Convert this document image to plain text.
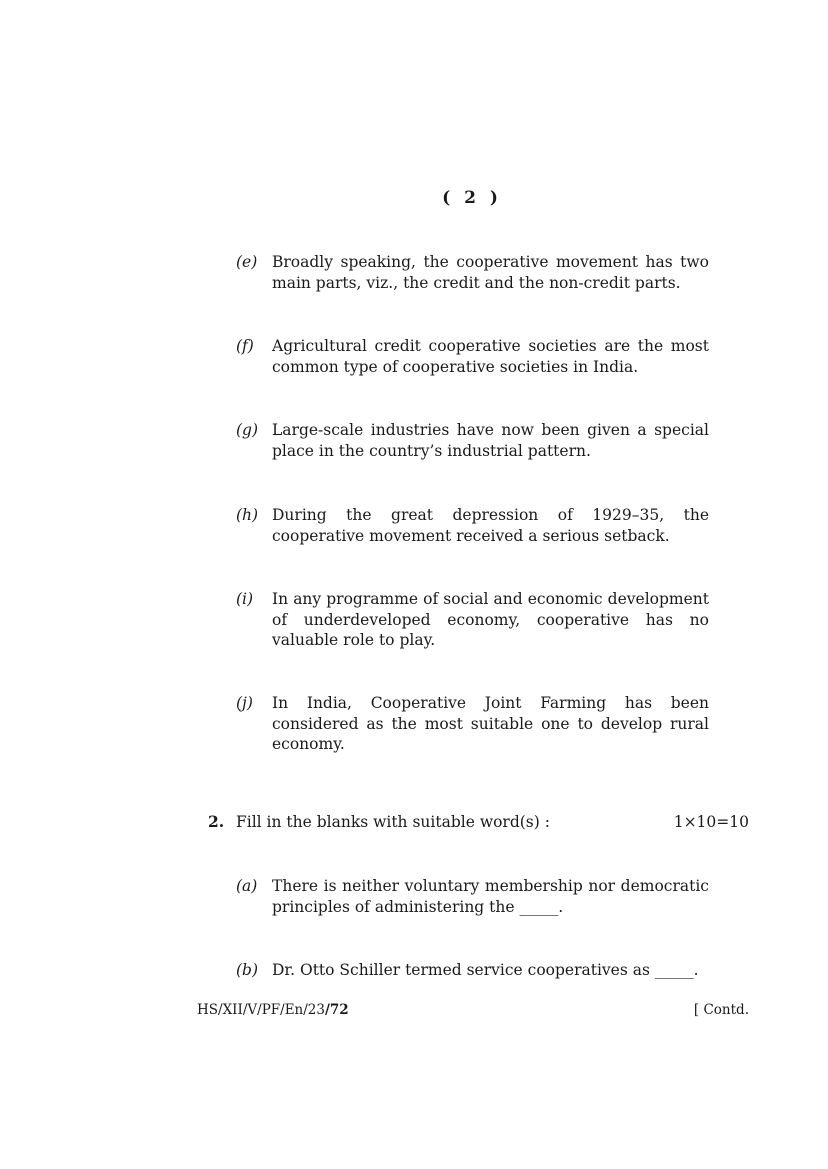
( 2 )
(e) Broadly speaking, the cooperative movement has two main parts, viz., the credit and the non-credit parts.
(f) Agricultural credit cooperative societies are the most common type of cooperative societies in India.
(g) Large-scale industries have now been given a special place in the country’s industrial pattern.
(h) During the great depression of 1929–35, the cooperative movement received a serious setback.
(i) In any programme of social and economic development of underdeveloped economy, cooperative has no valuable role to play.
(j) In India, Cooperative Joint Farming has been considered as the most suitable one to develop rural economy.
2. Fill in the blanks with suitable word(s) :	1×10=10
(a) There is neither voluntary membership nor democratic principles of administering the _____.
(b) Dr. Otto Schiller termed service cooperatives as _____.
HS/XII/V/PF/En/23/72	[ Contd.
